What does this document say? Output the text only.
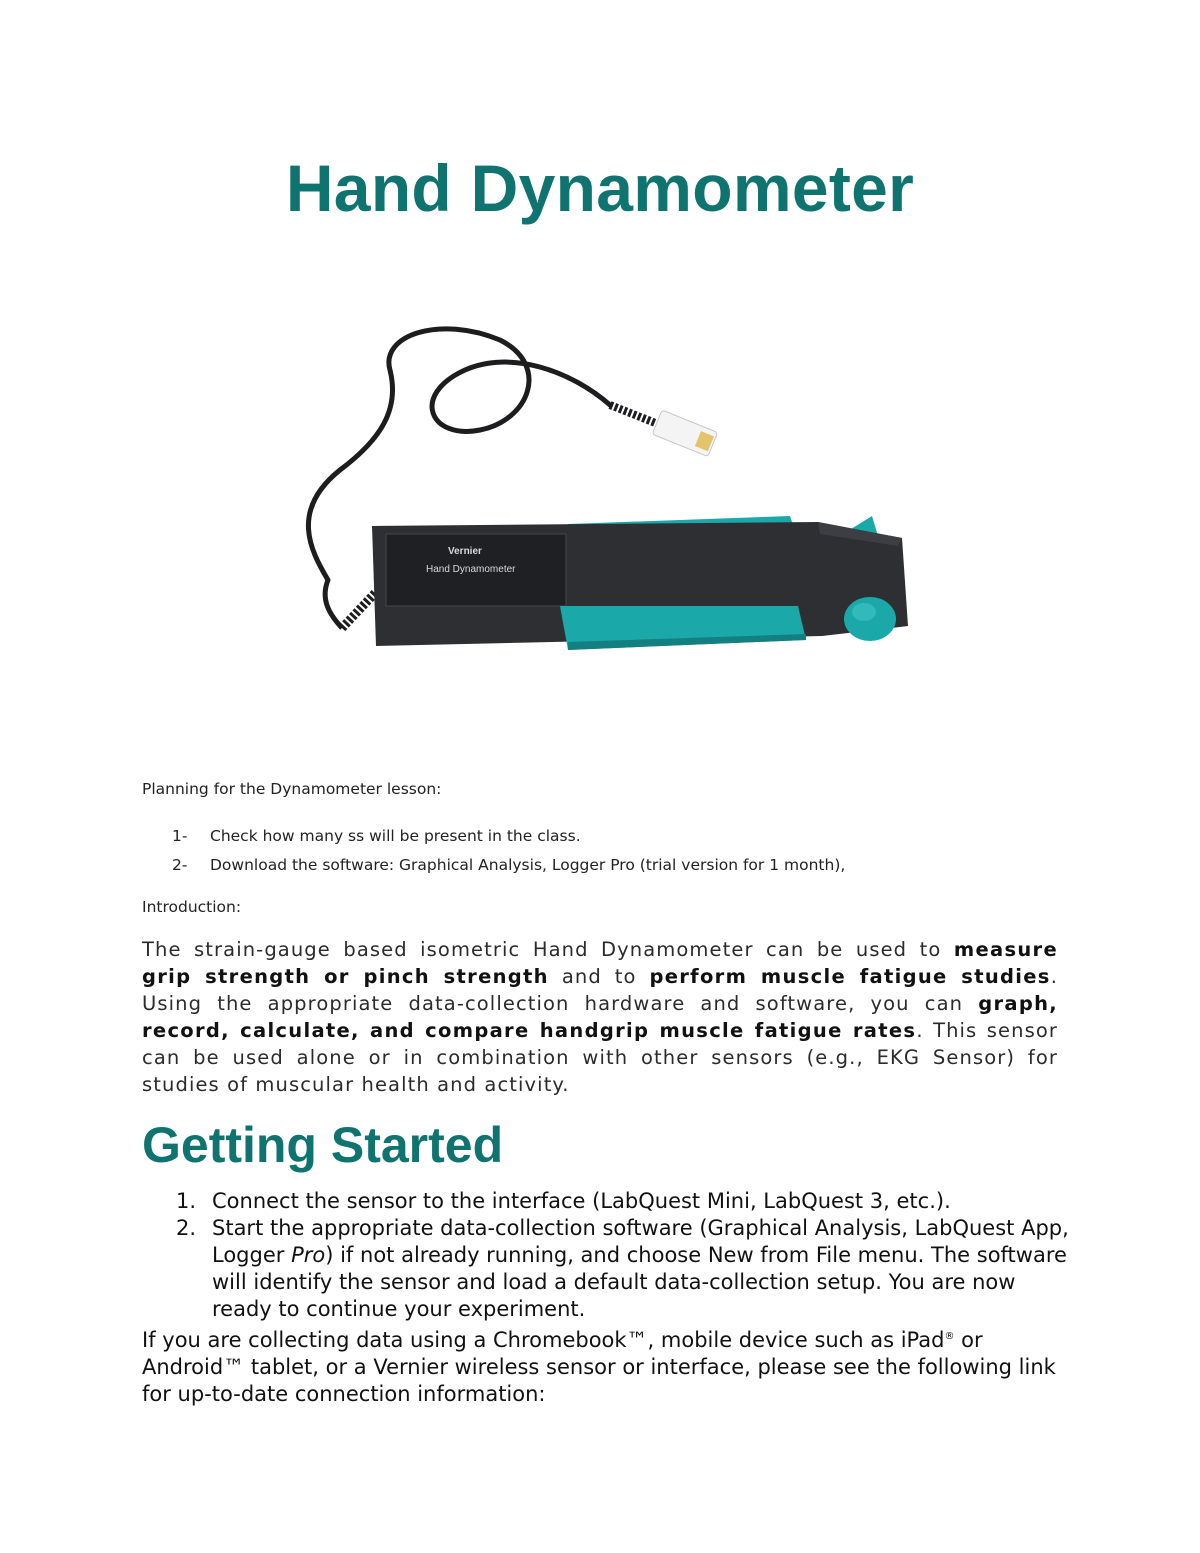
Hand Dynamometer
Vernier
Hand Dynamometer

Planning for the Dynamometer lesson:

1- Check how many ss will be present in the class.
2- Download the software: Graphical Analysis, Logger Pro (trial version for 1 month),

Introduction:

The strain-gauge based isometric Hand Dynamometer can be used to measure grip strength or pinch strength and to perform muscle fatigue studies. Using the appropriate data-collection hardware and software, you can graph, record, calculate, and compare handgrip muscle fatigue rates. This sensor can be used alone or in combination with other sensors (e.g., EKG Sensor) for studies of muscular health and activity.

Getting Started
1. Connect the sensor to the interface (LabQuest Mini, LabQuest 3, etc.).
2. Start the appropriate data-collection software (Graphical Analysis, LabQuest App, Logger Pro) if not already running, and choose New from File menu. The software will identify the sensor and load a default data-collection setup. You are now ready to continue your experiment.

If you are collecting data using a Chromebook™, mobile device such as iPad® or Android™ tablet, or a Vernier wireless sensor or interface, please see the following link for up-to-date connection information:
